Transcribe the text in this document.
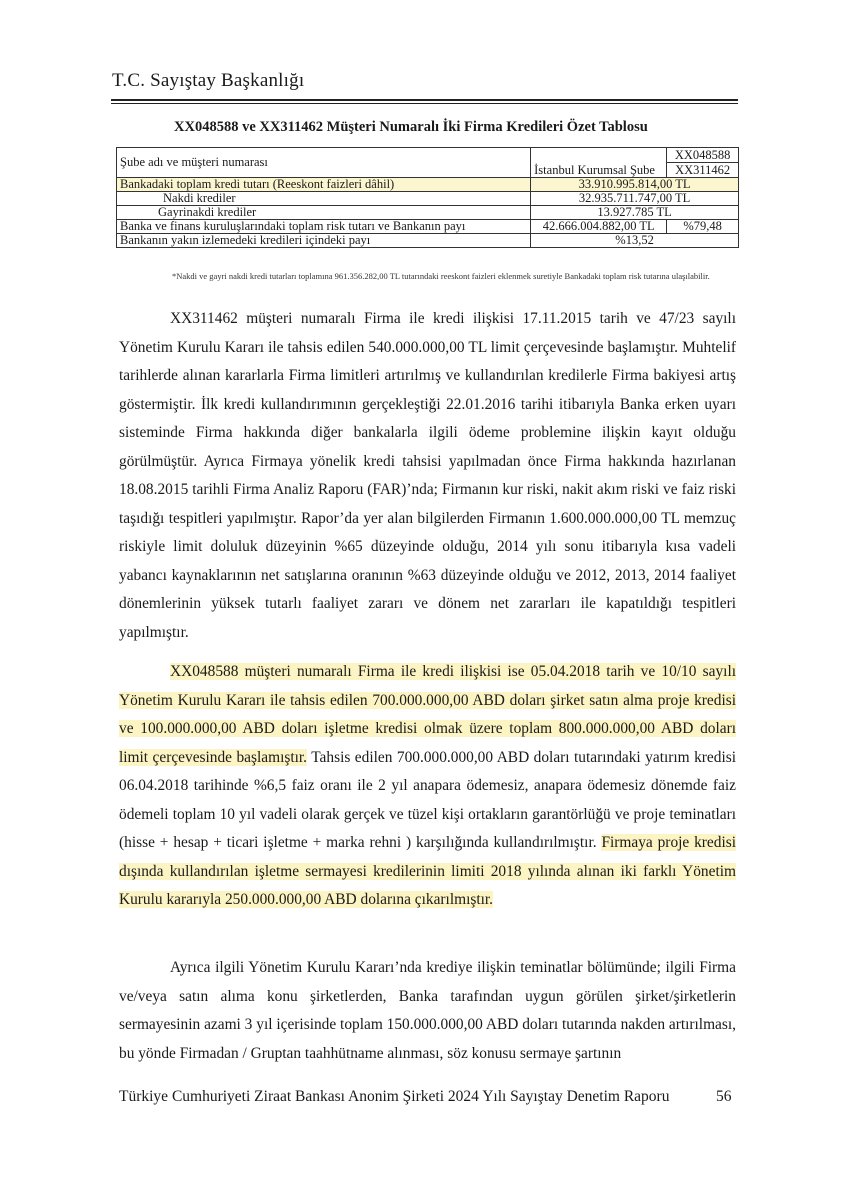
T.C. Sayıştay Başkanlığı
XX048588 ve XX311462 Müşteri Numaralı İki Firma Kredileri Özet Tablosu
Şube adı ve müşteri numarası	İstanbul Kurumsal Şube	XX048588
XX311462

Bankadaki toplam kredi tutarı (Reeskont faizleri dâhil)	33.910.995.814,00 TL	
Nakdi krediler	32.935.711.747,00 TL	
Gayrinakdi krediler	13.927.785 TL	
Banka ve finans kuruluşlarındaki toplam risk tutarı ve Bankanın payı	42.666.004.882,00 TL	%79,48
Bankanın yakın izlemedeki kredileri içindeki payı	%13,52	
*Nakdi ve gayri nakdi kredi tutarları toplamına 961.356.282,00 TL tutarındaki reeskont faizleri eklenmek suretiyle Bankadaki toplam risk tutarına ulaşılabilir.
XX311462 müşteri numaralı Firma ile kredi ilişkisi 17.11.2015 tarih ve 47/23 sayılı Yönetim Kurulu Kararı ile tahsis edilen 540.000.000,00 TL limit çerçevesinde başlamıştır. Muhtelif tarihlerde alınan kararlarla Firma limitleri artırılmış ve kullandırılan kredilerle Firma bakiyesi artış göstermiştir. İlk kredi kullandırımının gerçekleştiği 22.01.2016 tarihi itibarıyla Banka erken uyarı sisteminde Firma hakkında diğer bankalarla ilgili ödeme problemine ilişkin kayıt olduğu görülmüştür. Ayrıca Firmaya yönelik kredi tahsisi yapılmadan önce Firma hakkında hazırlanan 18.08.2015 tarihli Firma Analiz Raporu (FAR)’nda; Firmanın kur riski, nakit akım riski ve faiz riski taşıdığı tespitleri yapılmıştır. Rapor’da yer alan bilgilerden Firmanın 1.600.000.000,00 TL memzuç riskiyle limit doluluk düzeyinin %65 düzeyinde olduğu, 2014 yılı sonu itibarıyla kısa vadeli yabancı kaynaklarının net satışlarına oranının %63 düzeyinde olduğu ve 2012, 2013, 2014 faaliyet dönemlerinin yüksek tutarlı faaliyet zararı ve dönem net zararları ile kapatıldığı tespitleri yapılmıştır.
XX048588 müşteri numaralı Firma ile kredi ilişkisi ise 05.04.2018 tarih ve 10/10 sayılı Yönetim Kurulu Kararı ile tahsis edilen 700.000.000,00 ABD doları şirket satın alma proje kredisi ve 100.000.000,00 ABD doları işletme kredisi olmak üzere toplam 800.000.000,00 ABD doları limit çerçevesinde başlamıştır. Tahsis edilen 700.000.000,00 ABD doları tutarındaki yatırım kredisi 06.04.2018 tarihinde %6,5 faiz oranı ile 2 yıl anapara ödemesiz, anapara ödemesiz dönemde faiz ödemeli toplam 10 yıl vadeli olarak gerçek ve tüzel kişi ortakların garantörlüğü ve proje teminatları (hisse + hesap + ticari işletme + marka rehni ) karşılığında kullandırılmıştır. Firmaya proje kredisi dışında kullandırılan işletme sermayesi kredilerinin limiti 2018 yılında alınan iki farklı Yönetim Kurulu kararıyla 250.000.000,00 ABD dolarına çıkarılmıştır.
Ayrıca ilgili Yönetim Kurulu Kararı’nda krediye ilişkin teminatlar bölümünde; ilgili Firma ve/veya satın alıma konu şirketlerden, Banka tarafından uygun görülen şirket/şirketlerin sermayesinin azami 3 yıl içerisinde toplam 150.000.000,00 ABD doları tutarında nakden artırılması, bu yönde Firmadan / Gruptan taahhütname alınması, söz konusu sermaye şartının
Türkiye Cumhuriyeti Ziraat Bankası Anonim Şirketi 2024 Yılı Sayıştay Denetim Raporu	56
